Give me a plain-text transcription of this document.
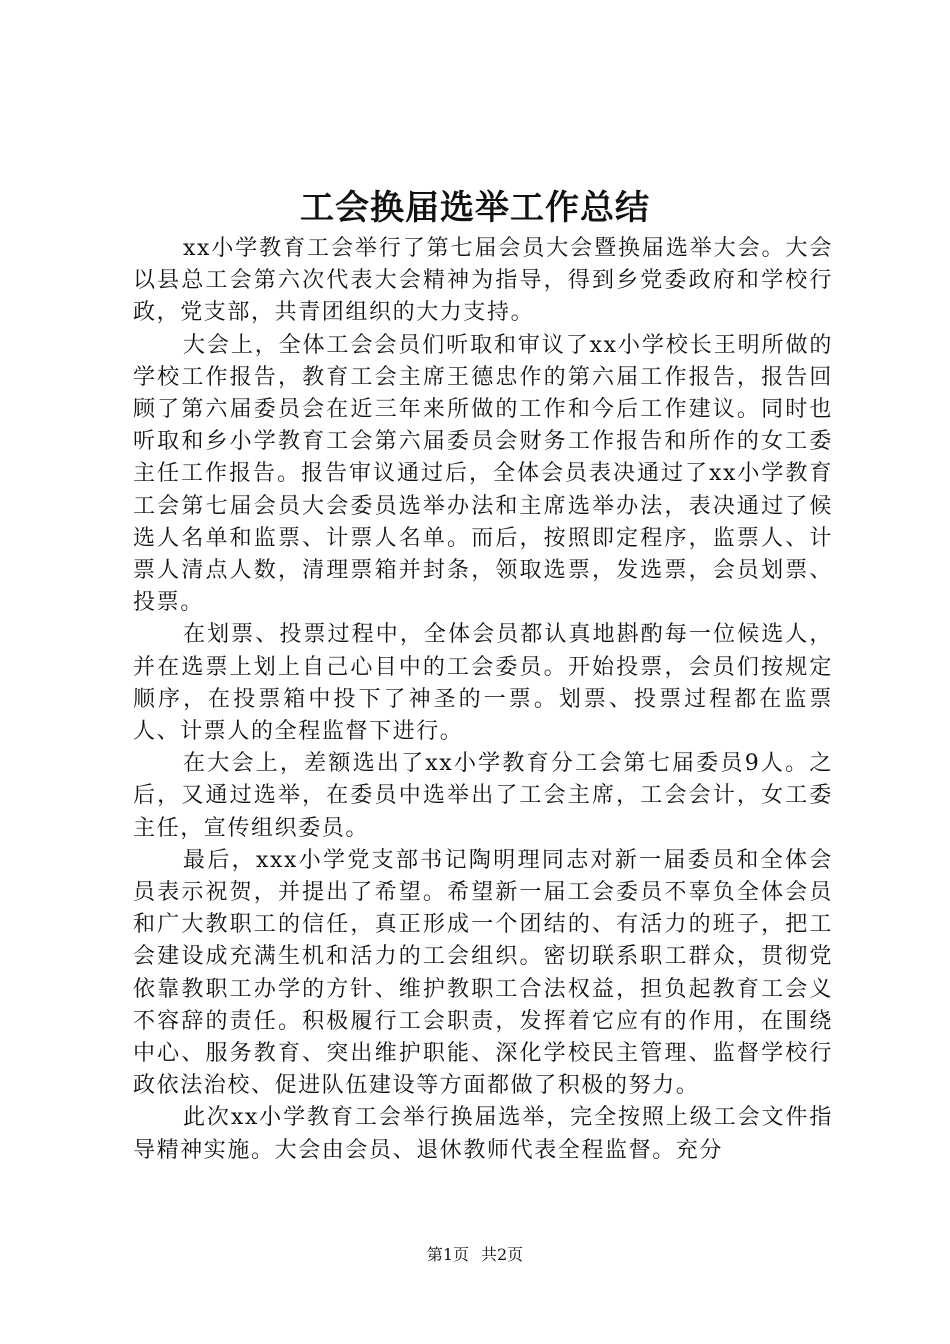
工会换届选举工作总结

xx小学教育工会举行了第七届会员大会暨换届选举大会。大会以县总工会第六次代表大会精神为指导，得到乡党委政府和学校行政，党支部，共青团组织的大力支持。

大会上，全体工会会员们听取和审议了xx小学校长王明所做的学校工作报告，教育工会主席王德忠作的第六届工作报告，报告回顾了第六届委员会在近三年来所做的工作和今后工作建议。同时也听取和乡小学教育工会第六届委员会财务工作报告和所作的女工委主任工作报告。报告审议通过后，全体会员表决通过了xx小学教育工会第七届会员大会委员选举办法和主席选举办法，表决通过了候选人名单和监票、计票人名单。而后，按照即定程序，监票人、计票人清点人数，清理票箱并封条，领取选票，发选票，会员划票、投票。

在划票、投票过程中，全体会员都认真地斟酌每一位候选人，并在选票上划上自己心目中的工会委员。开始投票，会员们按规定顺序，在投票箱中投下了神圣的一票。划票、投票过程都在监票人、计票人的全程监督下进行。

在大会上，差额选出了xx小学教育分工会第七届委员9人。之后，又通过选举，在委员中选举出了工会主席，工会会计，女工委主任，宣传组织委员。

最后，xxx小学党支部书记陶明理同志对新一届委员和全体会员表示祝贺，并提出了希望。希望新一届工会委员不辜负全体会员和广大教职工的信任，真正形成一个团结的、有活力的班子，把工会建设成充满生机和活力的工会组织。密切联系职工群众，贯彻党依靠教职工办学的方针、维护教职工合法权益，担负起教育工会义不容辞的责任。积极履行工会职责，发挥着它应有的作用，在围绕中心、服务教育、突出维护职能、深化学校民主管理、监督学校行政依法治校、促进队伍建设等方面都做了积极的努力。

此次xx小学教育工会举行换届选举，完全按照上级工会文件指导精神实施。大会由会员、退休教师代表全程监督。充分

第1页 共2页
